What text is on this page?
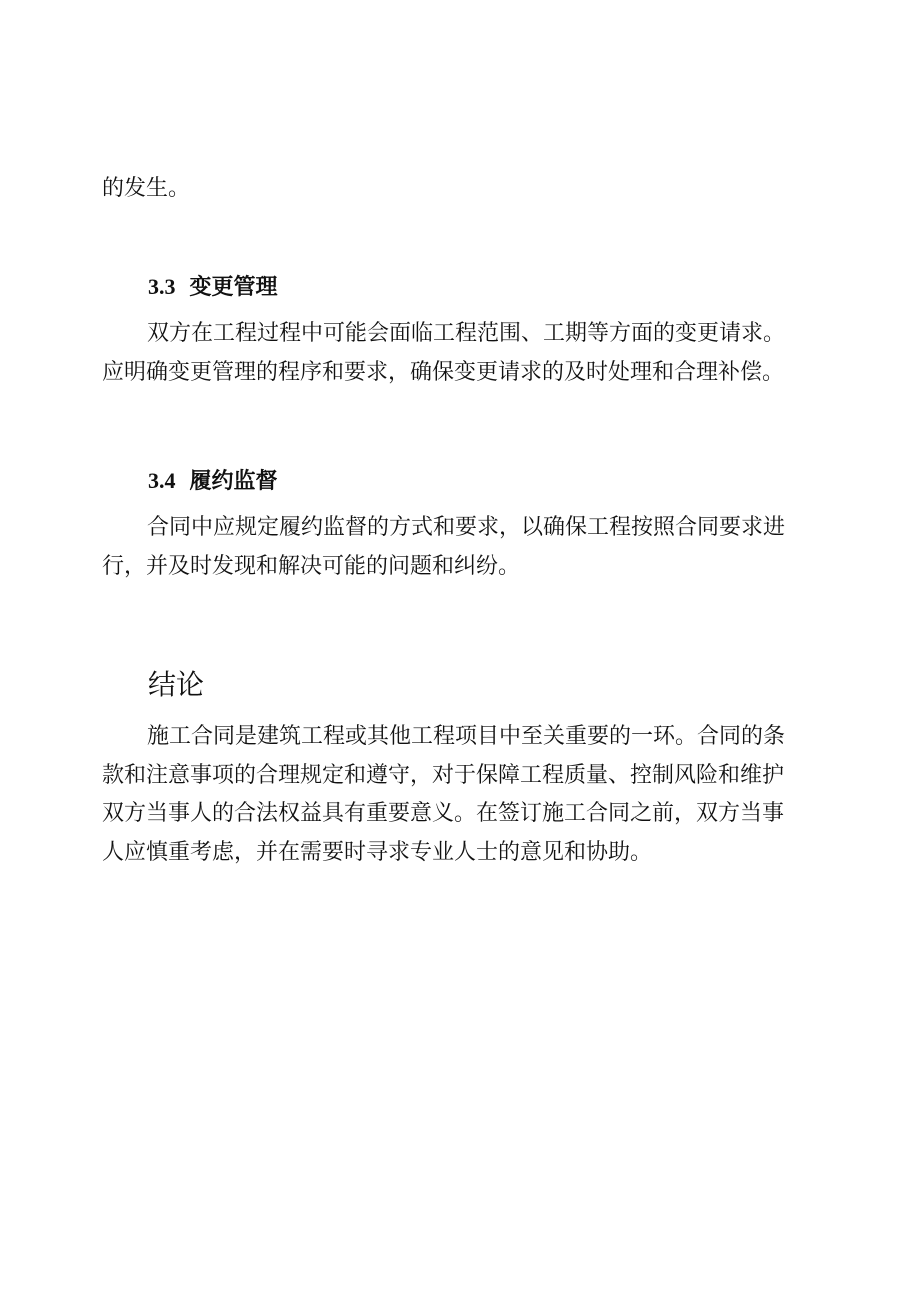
的发生。

3.3 变更管理

双方在工程过程中可能会面临工程范围、工期等方面的变更请求。
应明确变更管理的程序和要求，确保变更请求的及时处理和合理补偿。

3.4 履约监督

合同中应规定履约监督的方式和要求，以确保工程按照合同要求进
行，并及时发现和解决可能的问题和纠纷。

结论

施工合同是建筑工程或其他工程项目中至关重要的一环。合同的条
款和注意事项的合理规定和遵守，对于保障工程质量、控制风险和维护
双方当事人的合法权益具有重要意义。在签订施工合同之前，双方当事
人应慎重考虑，并在需要时寻求专业人士的意见和协助。
